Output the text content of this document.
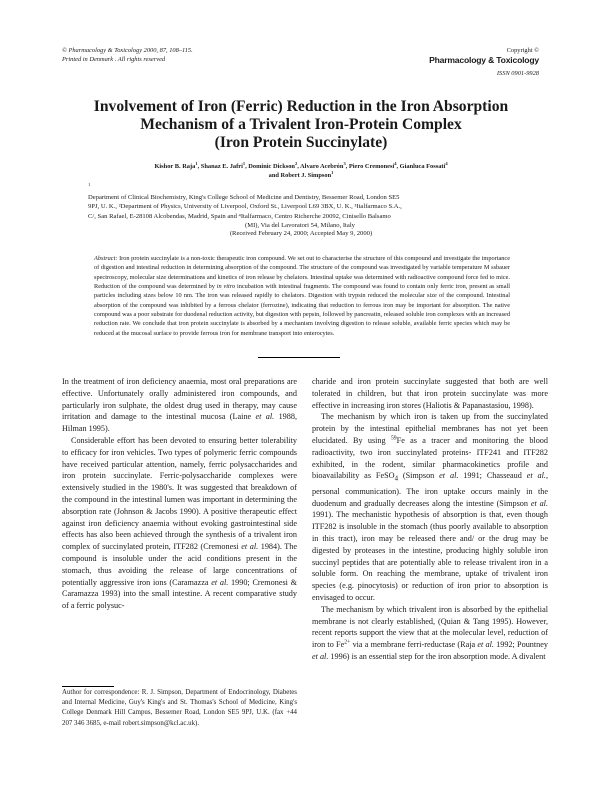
© Pharmacology & Toxicology 2000, 87, 108–115.
Printed in Denmark . All rights reserved
Copyright ©
Pharmacology & Toxicology
ISSN 0901-9928
Involvement of Iron (Ferric) Reduction in the Iron Absorption
Mechanism of a Trivalent Iron-Protein Complex
(Iron Protein Succinylate)
Kishor B. Raja$^1$, Shanaz E. Jafri$^1$, Dominic Dickson$^2$, Alvaro Acebrón$^3$, Piero Cremonesi$^4$, Gianluca Fossati$^4$
and Robert J. Simpson$^1$
$^1$
Department of Clinical Biochemistry, King's College School of Medicine and Dentistry, Bessemer Road, London SE5
9PJ, U. K., ²Department of Physics, University of Liverpool, Oxford St., Liverpool L69 3BX, U. K., ³Italfarmaco S.A.,
C/, San Rafael, E-28108 Alcobendas, Madrid, Spain and ⁴Italfarmaco, Centro Richerche 20092, Cinisello Balsamo
(MI), Via del Lavoratori 54, Milano, Italy
(Received February 24, 2000; Accepted May 9, 2000)
Abstract: Iron protein succinylate is a non-toxic therapeutic iron compound. We set out to characterise the structure of this compound and investigate the importance of digestion and intestinal reduction in determining absorption of the compound. The structure of the compound was investigated by variable temperature M ssbauer spectroscopy, molecular size determinations and kinetics of iron release by chelators. Intestinal uptake was determined with radioactive compound force fed to mice. Reduction of the compound was determined by in vitro incubation with intestinal fragments. The compound was found to contain only ferric iron, present as small particles including sizes below 10 nm. The iron was released rapidly to chelators. Digestion with trypsin reduced the molecular size of the compound. Intestinal absorption of the compound was inhibited by a ferrous chelator (ferrozine), indicating that reduction to ferrous iron may be important for absorption. The native compound was a poor substrate for duodenal reduction activity, but digestion with pepsin, followed by pancreatin, released soluble iron complexes with an increased reduction rate. We conclude that iron protein succinylate is absorbed by a mechanism involving digestion to release soluble, available ferric species which may be reduced at the mucosal surface to provide ferrous iron for membrane transport into enterocytes.

In the treatment of iron deficiency anaemia, most oral preparations are effective. Unfortunately orally administered iron compounds, and particularly iron sulphate, the oldest drug used in therapy, may cause irritation and damage to the intestinal mucosa (Laine et al. 1988, Hilman 1995).

Considerable effort has been devoted to ensuring better tolerability to efficacy for iron vehicles. Two types of polymeric ferric compounds have received particular attention, namely, ferric polysaccharides and iron protein succinylate. Ferric-polysaccharide complexes were extensively studied in the 1980's. It was suggested that breakdown of the compound in the intestinal lumen was important in determining the absorption rate (Johnson & Jacobs 1990). A positive therapeutic effect against iron deficiency anaemia without evoking gastrointestinal side effects has also been achieved through the synthesis of a trivalent iron complex of succinylated protein, ITF282 (Cremonesi et al. 1984). The compound is insoluble under the acid conditions present in the stomach, thus avoiding the release of large concentrations of potentially aggressive iron ions (Caramazza et al. 1990; Cremonesi & Caramazza 1993) into the small intestine. A recent comparative study of a ferric polysuc-

Author for correspondence: R. J. Simpson, Department of Endocrinology, Diabetes and Internal Medicine, Guy's King's and St. Thomas's School of Medicine, King's College Denmark Hill Campus, Bessemer Road, London SE5 9PJ, U.K. (fax +44 207 346 3685, e-mail robert.simpson@kcl.ac.uk).

charide and iron protein succinylate suggested that both are well tolerated in children, but that iron protein succinylate was more effective in increasing iron stores (Haliotis & Papanastasiou, 1998).

The mechanism by which iron is taken up from the succinylated protein by the intestinal epithelial membranes has not yet been elucidated. By using $^{59}$Fe as a tracer and monitoring the blood radioactivity, two iron succinylated proteins- ITF241 and ITF282 exhibited, in the rodent, similar pharmacokinetics profile and bioavailability as FeSO$_4$ (Simpson et al. 1991; Chasseaud et al., personal communication). The iron uptake occurs mainly in the duodenum and gradually decreases along the intestine (Simpson et al. 1991). The mechanistic hypothesis of absorption is that, even though ITF282 is insoluble in the stomach (thus poorly available to absorption in this tract), iron may be released there and/ or the drug may be digested by proteases in the intestine, producing highly soluble iron succinyl peptides that are potentially able to release trivalent iron in a soluble form. On reaching the membrane, uptake of trivalent iron species (e.g. pinocytosis) or reduction of iron prior to absorption is envisaged to occur.

The mechanism by which trivalent iron is absorbed by the epithelial membrane is not clearly established, (Quian & Tang 1995). However, recent reports support the view that at the molecular level, reduction of iron to $Fe^{2+}$ via a membrane ferri-reductase (Raja et al. 1992; Pountney et al. 1996) is an essential step for the iron absorption mode. A divalent
